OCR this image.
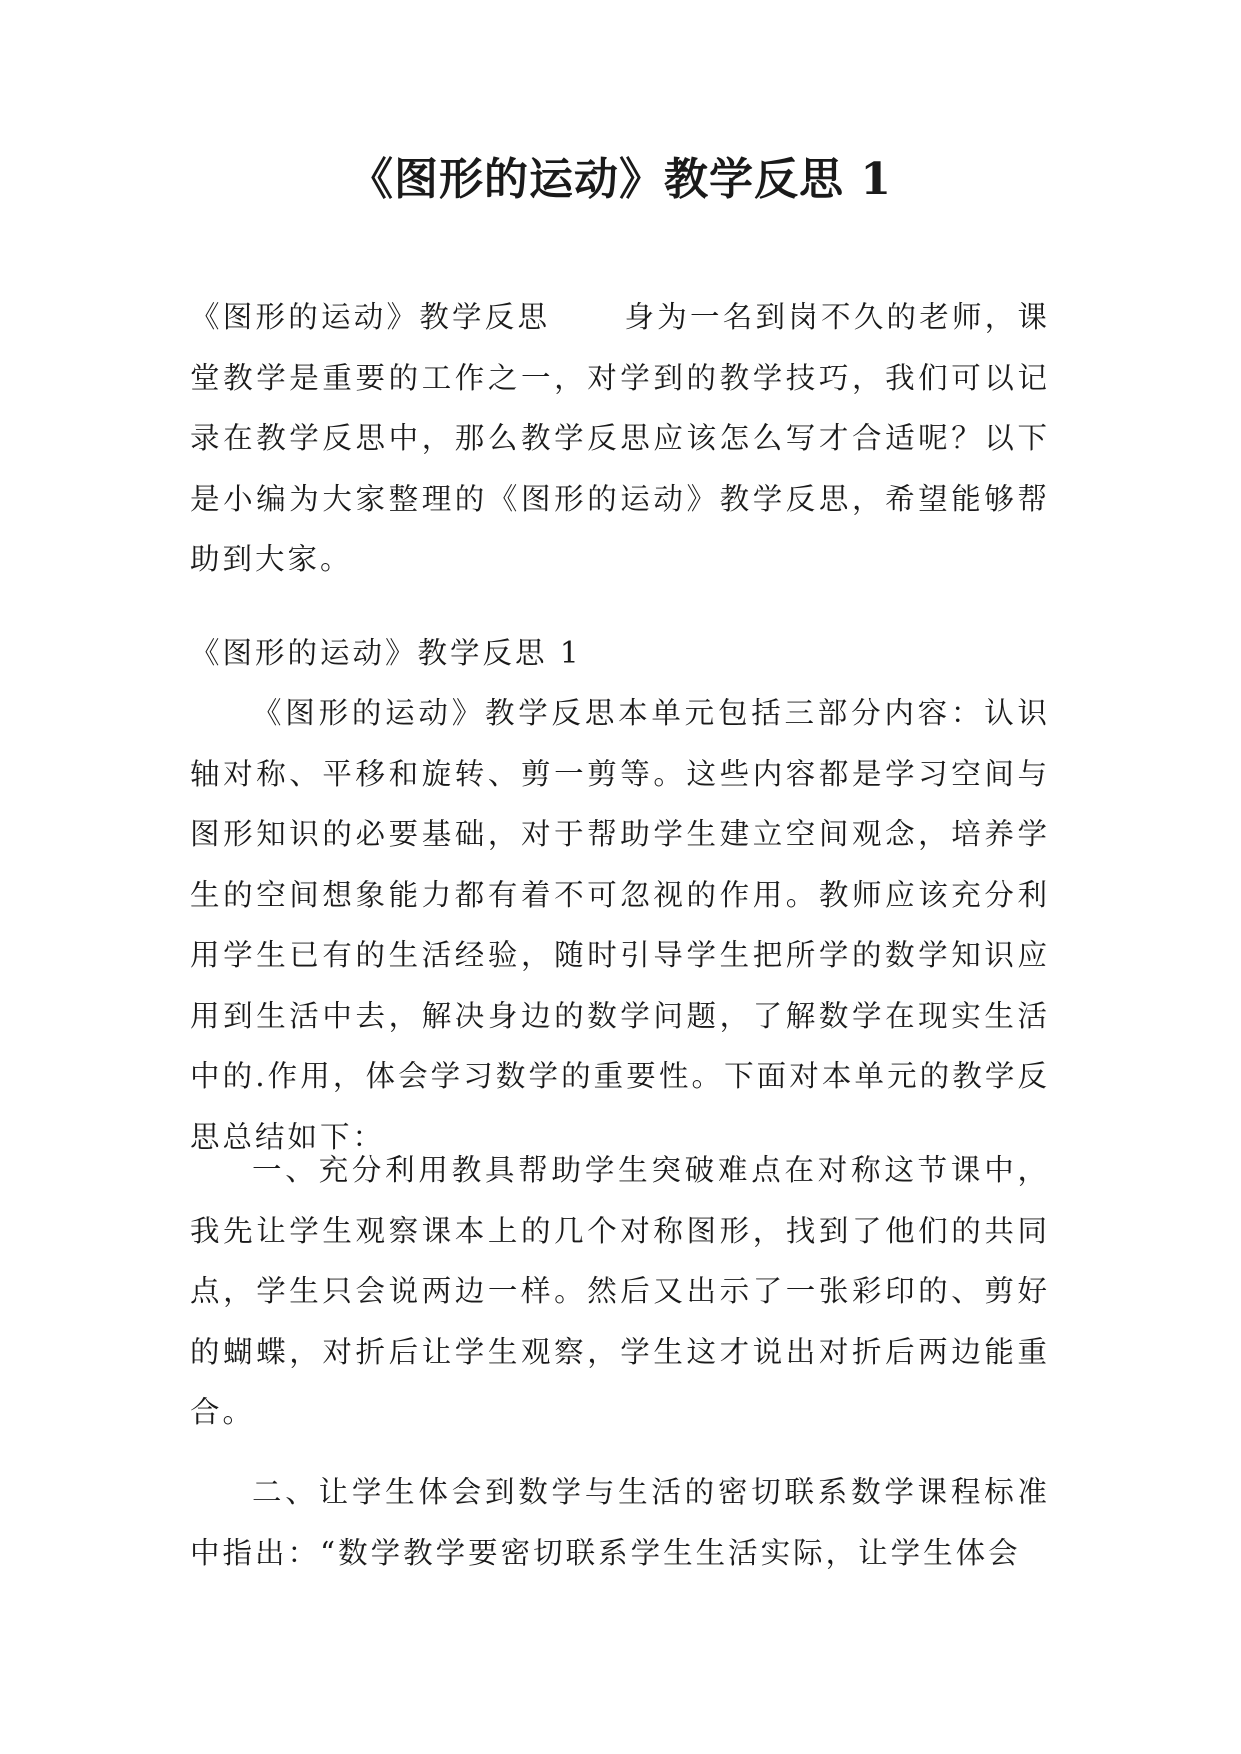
《图形的运动》教学反思 1

《图形的运动》教学反思	身为一名到岗不久的老师，课堂教学是重要的工作之一，对学到的教学技巧，我们可以记录在教学反思中，那么教学反思应该怎么写才合适呢？以下是小编为大家整理的《图形的运动》教学反思，希望能够帮助到大家。

《图形的运动》教学反思 1

《图形的运动》教学反思本单元包括三部分内容：认识轴对称、平移和旋转、剪一剪等。这些内容都是学习空间与图形知识的必要基础，对于帮助学生建立空间观念，培养学生的空间想象能力都有着不可忽视的作用。教师应该充分利用学生已有的生活经验，随时引导学生把所学的数学知识应用到生活中去，解决身边的数学问题，了解数学在现实生活中的.作用，体会学习数学的重要性。下面对本单元的教学反思总结如下：

一、充分利用教具帮助学生突破难点在对称这节课中，我先让学生观察课本上的几个对称图形，找到了他们的共同点，学生只会说两边一样。然后又出示了一张彩印的、剪好的蝴蝶，对折后让学生观察，学生这才说出对折后两边能重合。

二、让学生体会到数学与生活的密切联系数学课程标准中指出：“数学教学要密切联系学生生活实际，让学生体会
